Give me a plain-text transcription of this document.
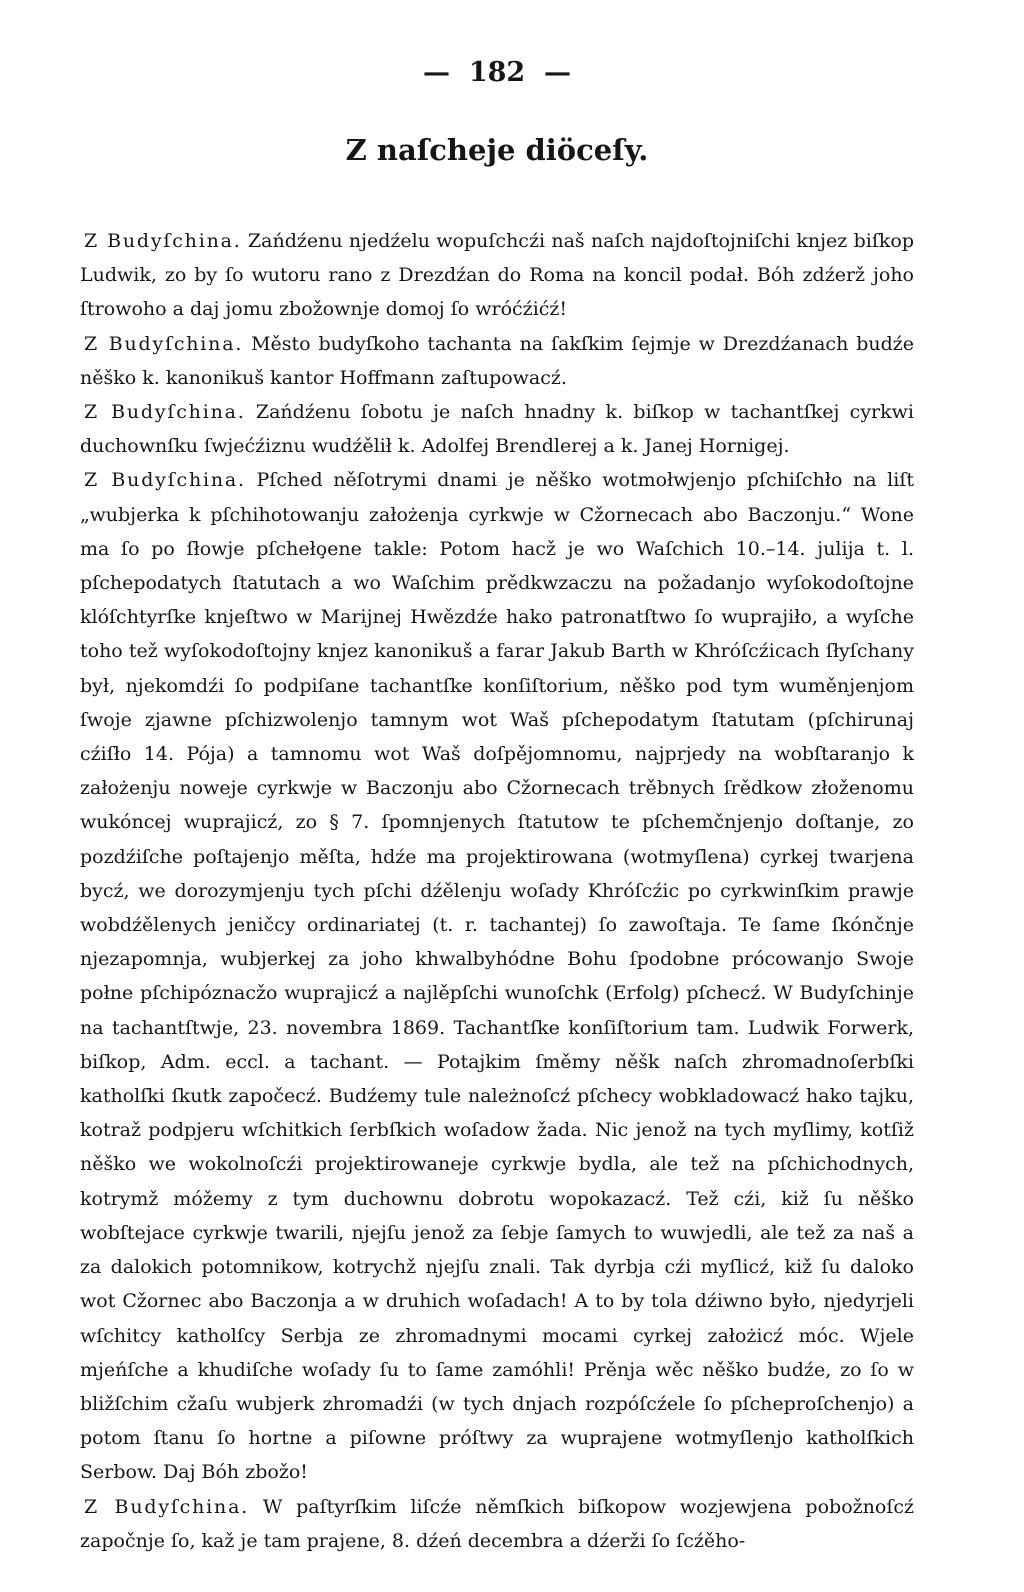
—  182  —
Z naſcheje diöceſy.

Z Budyſchina. Zańdźenu njedźelu wopuſchcźi naš naſch najdoſtojniſchi knjez biſkop Ludwik, zo by ſo wutoru rano z Drezdźan do Roma na koncil podał. Bóh zdźerž joho ſtrowoho a daj jomu zbožownje domoj ſo wróćźićź!

Z Budyſchina. Město budyſkoho tachanta na ſakſkim ſejmje w Drezdźanach budźe něško k. kanonikuš kantor Hoffmann zaſtupowacź.

Z Budyſchina. Zańdźenu ſobotu je naſch hnadny k. biſkop w tachantſkej cyrkwi duchownſku ſwjećźiznu wudźělił k. Adolfej Brendlerej a k. Janej Hornigej.

Z Budyſchina. Pſched něſotrymi dnami je něško wotmołwjenjo pſchiſchło na liſt „wubjerka k pſchihotowanju założenja cyrkwje w Cžornecach abo Baczonju.“ Wone ma ſo po ſłowje pſcheło̧ene takle: Potom hacž je wo Waſchich 10.–14. julija t. l. pſchepodatych ſtatutach a wo Waſchim prědkwzaczu na požadanjo wyſokodoſtojne klóſchtyrſke knjeſtwo w Marijnej Hwězdźe hako patronatſtwo ſo wuprajiło, a wyſche toho tež wyſokodoſtojny knjez kanonikuš a farar Jakub Barth w Khróſcźicach ſłyſchany był, njekomdźi ſo podpiſane tachantſke konſiſtorium, něško pod tym wuměnjenjom ſwoje zjawne pſchizwolenjo tamnym wot Waš pſchepodatym ſtatutam (pſchirunaj cźiſło 14. Pója) a tamnomu wot Waš doſpějomnomu, najprjedy na wobſtaranjo k założenju noweje cyrkwje w Baczonju abo Cžornecach trěbnych ſrědkow złoženomu wukóncej wuprajicź, zo § 7. ſpomnjenych ſtatutow te pſchemčnjenjo doſtanje, zo pozdźiſche poſtajenjo měſta, hdźe ma projektirowana (wotmyſlena) cyrkej twarjena bycź, we dorozymjenju tych pſchi dźělenju woſady Khróſcźic po cyrkwinſkim prawje wobdźělenych jeničcy ordinariatej (t. r. tachantej) ſo zawoſtaja. Te ſame ſkónčnje njezapomnja, wubjerkej za joho khwalbyhódne Bohu ſpodobne prócowanjo Swoje połne pſchipóznacžo wuprajicź a najlěpſchi wunoſchk (Erfolg) pſchecź. W Budyſchinje na tachantſtwje, 23. novembra 1869. Tachantſke konſiſtorium tam. Ludwik Forwerk, biſkop, Adm. eccl. a tachant. — Potajkim ſměmy něšk naſch zhromadnoſerbſki katholſki ſkutk započecź. Budźemy tule należnoſcź pſchecy wobkladowacź hako tajku, kotraž podpjeru wſchitkich ſerbſkich woſadow žada. Nic jenož na tych myſlimy, kotſiž něško we wokolnoſcźi projektirowaneje cyrkwje bydla, ale tež na pſchichodnych, kotrymž móžemy z tym duchownu dobrotu wopokazacź. Tež cźi, kiž ſu něško wobſtejace cyrkwje twarili, njejſu jenož za ſebje ſamych to wuwjedli, ale tež za naš a za dalokich potomnikow, kotrychž njejſu znali. Tak dyrbja cźi myſlicź, kiž ſu daloko wot Cžornec abo Baczonja a w druhich woſadach! A to by tola dźiwno było, njedyrjeli wſchitcy katholſcy Serbja ze zhromadnymi mocami cyrkej założicź móc. Wjele mjeńſche a khudiſche woſady ſu to ſame zamóhli! Prěnja wěc něško budźe, zo ſo w bližſchim cžaſu wubjerk zhromadźi (w tych dnjach rozpóſcźele ſo pſcheproſchenjo) a potom ſtanu ſo hortne a piſowne próſtwy za wuprajene wotmyſlenjo katholſkich Serbow. Daj Bóh zbožo!

Z Budyſchina. W paſtyrſkim liſcźe němſkich biſkopow wozjewjena pobožnoſcź započnje ſo, kaž je tam prajene, 8. dźeń decembra a dźerži ſo ſcźěho-
